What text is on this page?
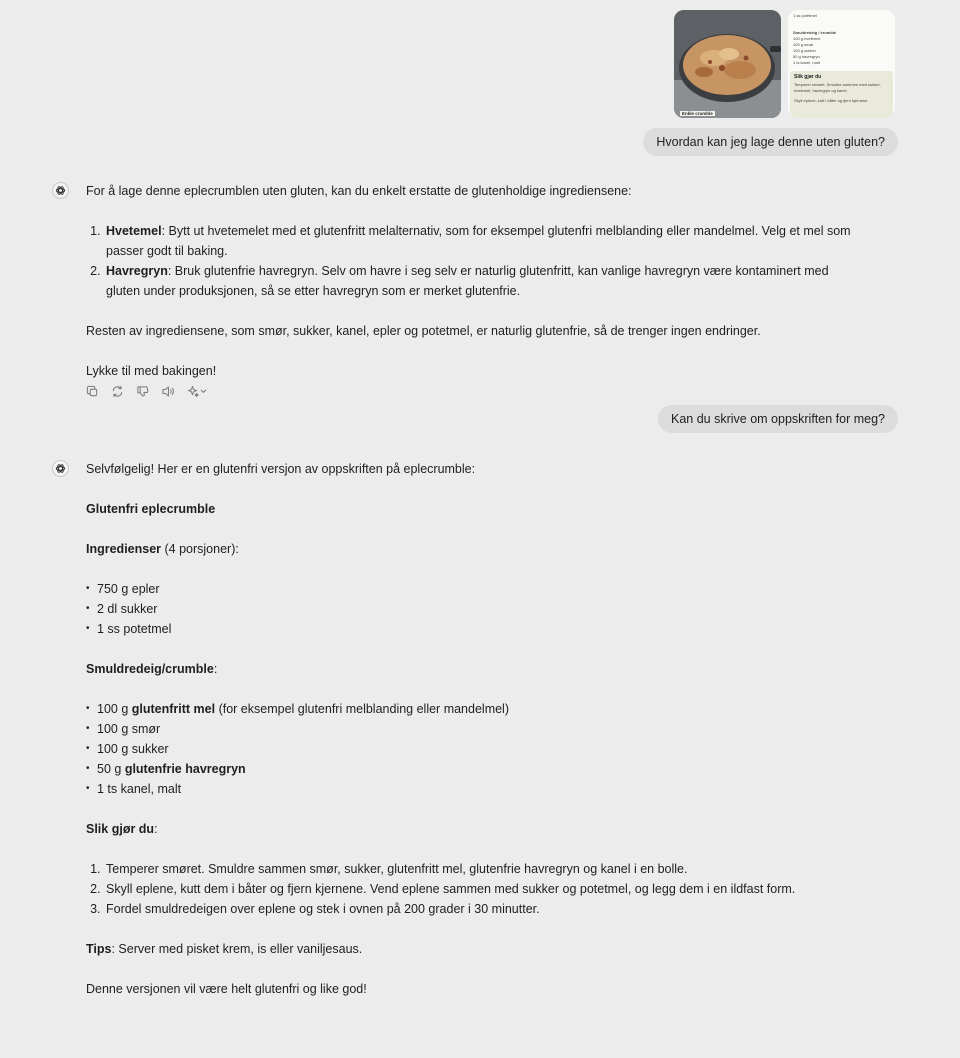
Enkle crumble
1 ss potetmel

Smuldredeig / crumble
100 g hvetemel
100 g smør
100 g sukker
50 g havregryn
1 ts kanel, malt
Slik gjør du
Temperer smøret. Smuldre sammen med sukker, hvetemel, havregryn og kanel.
Skyll eplene, kutt i båter og fjern kjernene.
Hvordan kan jeg lage denne uten gluten?

For å lage denne eplecrumblen uten gluten, kan du enkelt erstatte de glutenholdige ingrediensene:

1. Hvetemel: Bytt ut hvetemelet med et glutenfritt melalternativ, som for eksempel glutenfri melblanding eller mandelmel. Velg et mel som passer godt til baking.
2. Havregryn: Bruk glutenfrie havregryn. Selv om havre i seg selv er naturlig glutenfritt, kan vanlige havregryn være kontaminert med gluten under produksjonen, så se etter havregryn som er merket glutenfrie.

Resten av ingrediensene, som smør, sukker, kanel, epler og potetmel, er naturlig glutenfrie, så de trenger ingen endringer.

Lykke til med bakingen!

Kan du skrive om oppskriften for meg?

Selvfølgelig! Her er en glutenfri versjon av oppskriften på eplecrumble:

Glutenfri eplecrumble

Ingredienser (4 porsjoner):

• 750 g epler
• 2 dl sukker
• 1 ss potetmel

Smuldredeig/crumble:

• 100 g glutenfritt mel (for eksempel glutenfri melblanding eller mandelmel)
• 100 g smør
• 100 g sukker
• 50 g glutenfrie havregryn
• 1 ts kanel, malt

Slik gjør du:

1. Temperer smøret. Smuldre sammen smør, sukker, glutenfritt mel, glutenfrie havregryn og kanel i en bolle.
2. Skyll eplene, kutt dem i båter og fjern kjernene. Vend eplene sammen med sukker og potetmel, og legg dem i en ildfast form.
3. Fordel smuldredeigen over eplene og stek i ovnen på 200 grader i 30 minutter.

Tips: Server med pisket krem, is eller vaniljesaus.

Denne versjonen vil være helt glutenfri og like god!
